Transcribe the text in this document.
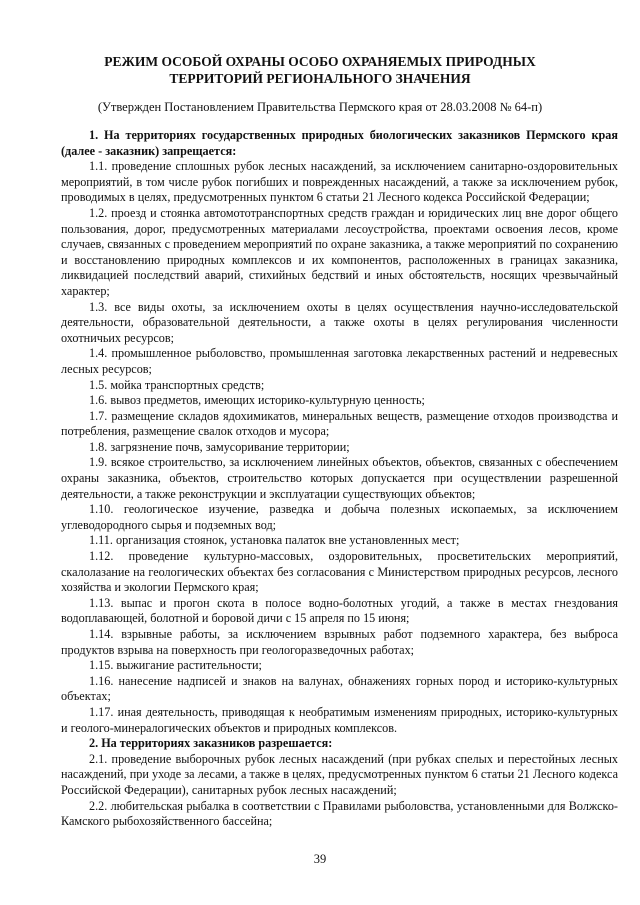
РЕЖИМ ОСОБОЙ ОХРАНЫ ОСОБО ОХРАНЯЕМЫХ ПРИРОДНЫХ ТЕРРИТОРИЙ РЕГИОНАЛЬНОГО ЗНАЧЕНИЯ
(Утвержден Постановлением Правительства Пермского края от 28.03.2008 № 64-п)

1. На территориях государственных природных биологических заказников Пермского края (далее - заказник) запрещается:

1.1. проведение сплошных рубок лесных насаждений, за исключением санитарно-оздоровительных мероприятий, в том числе рубок погибших и поврежденных насаждений, а также за исключением рубок, проводимых в целях, предусмотренных пунктом 6 статьи 21 Лесного кодекса Российской Федерации;

1.2. проезд и стоянка автомототранспортных средств граждан и юридических лиц вне дорог общего пользования, дорог, предусмотренных материалами лесоустройства, проектами освоения лесов, кроме случаев, связанных с проведением мероприятий по охране заказника, а также мероприятий по сохранению и восстановлению природных комплексов и их компонентов, расположенных в границах заказника, ликвидацией последствий аварий, стихийных бедствий и иных обстоятельств, носящих чрезвычайный характер;

1.3. все виды охоты, за исключением охоты в целях осуществления научно-исследовательской деятельности, образовательной деятельности, а также охоты в целях регулирования численности охотничьих ресурсов;

1.4. промышленное рыболовство, промышленная заготовка лекарственных растений и недревесных лесных ресурсов;

1.5. мойка транспортных средств;

1.6. вывоз предметов, имеющих историко-культурную ценность;

1.7. размещение складов ядохимикатов, минеральных веществ, размещение отходов производства и потребления, размещение свалок отходов и мусора;

1.8. загрязнение почв, замусоривание территории;

1.9. всякое строительство, за исключением линейных объектов, объектов, связанных с обеспечением охраны заказника, объектов, строительство которых допускается при осуществлении разрешенной деятельности, а также реконструкции и эксплуатации существующих объектов;

1.10. геологическое изучение, разведка и добыча полезных ископаемых, за исключением углеводородного сырья и подземных вод;

1.11. организация стоянок, установка палаток вне установленных мест;

1.12. проведение культурно-массовых, оздоровительных, просветительских мероприятий, скалолазание на геологических объектах без согласования с Министерством природных ресурсов, лесного хозяйства и экологии Пермского края;

1.13. выпас и прогон скота в полосе водно-болотных угодий, а также в местах гнездования водоплавающей, болотной и боровой дичи с 15 апреля по 15 июня;

1.14. взрывные работы, за исключением взрывных работ подземного характера, без выброса продуктов взрыва на поверхность при геологоразведочных работах;

1.15. выжигание растительности;

1.16. нанесение надписей и знаков на валунах, обнажениях горных пород и историко-культурных объектах;

1.17. иная деятельность, приводящая к необратимым изменениям природных, историко-культурных и геолого-минералогических объектов и природных комплексов.

2. На территориях заказников разрешается:

2.1. проведение выборочных рубок лесных насаждений (при рубках спелых и перестойных лесных насаждений, при уходе за лесами, а также в целях, предусмотренных пунктом 6 статьи 21 Лесного кодекса Российской Федерации), санитарных рубок лесных насаждений;

2.2. любительская рыбалка в соответствии с Правилами рыболовства, установленными для Волжско-Камского рыбохозяйственного бассейна;

39
